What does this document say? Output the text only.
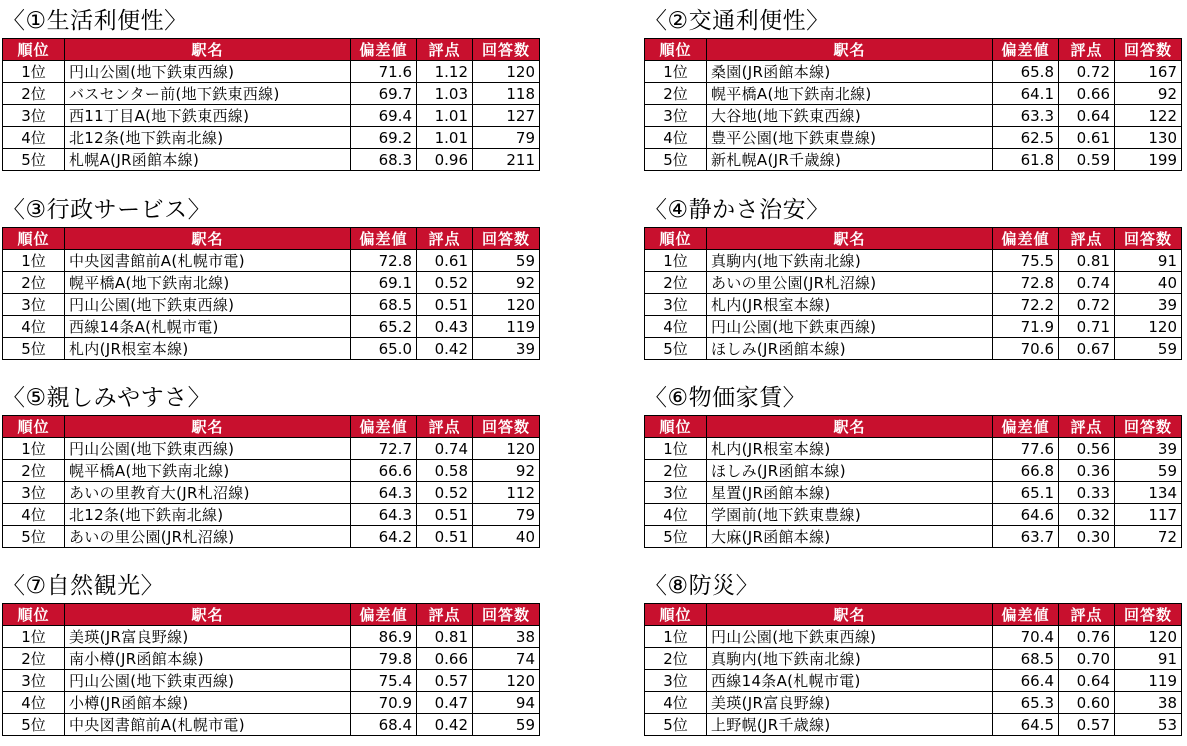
〈①生活利便性〉
順位	駅名	偏差値	評点	回答数
1位	円山公園(地下鉄東西線)	71.6	1.12	120
2位	バスセンター前(地下鉄東西線)	69.7	1.03	118
3位	西11丁目A(地下鉄東西線)	69.4	1.01	127
4位	北12条(地下鉄南北線)	69.2	1.01	79
5位	札幌A(JR函館本線)	68.3	0.96	211
〈②交通利便性〉
順位	駅名	偏差値	評点	回答数
1位	桑園(JR函館本線)	65.8	0.72	167
2位	幌平橋A(地下鉄南北線)	64.1	0.66	92
3位	大谷地(地下鉄東西線)	63.3	0.64	122
4位	豊平公園(地下鉄東豊線)	62.5	0.61	130
5位	新札幌A(JR千歳線)	61.8	0.59	199
〈③行政サービス〉
順位	駅名	偏差値	評点	回答数
1位	中央図書館前A(札幌市電)	72.8	0.61	59
2位	幌平橋A(地下鉄南北線)	69.1	0.52	92
3位	円山公園(地下鉄東西線)	68.5	0.51	120
4位	西線14条A(札幌市電)	65.2	0.43	119
5位	札内(JR根室本線)	65.0	0.42	39
〈④静かさ治安〉
順位	駅名	偏差値	評点	回答数
1位	真駒内(地下鉄南北線)	75.5	0.81	91
2位	あいの里公園(JR札沼線)	72.8	0.74	40
3位	札内(JR根室本線)	72.2	0.72	39
4位	円山公園(地下鉄東西線)	71.9	0.71	120
5位	ほしみ(JR函館本線)	70.6	0.67	59
〈⑤親しみやすさ〉
順位	駅名	偏差値	評点	回答数
1位	円山公園(地下鉄東西線)	72.7	0.74	120
2位	幌平橋A(地下鉄南北線)	66.6	0.58	92
3位	あいの里教育大(JR札沼線)	64.3	0.52	112
4位	北12条(地下鉄南北線)	64.3	0.51	79
5位	あいの里公園(JR札沼線)	64.2	0.51	40
〈⑥物価家賃〉
順位	駅名	偏差値	評点	回答数
1位	札内(JR根室本線)	77.6	0.56	39
2位	ほしみ(JR函館本線)	66.8	0.36	59
3位	星置(JR函館本線)	65.1	0.33	134
4位	学園前(地下鉄東豊線)	64.6	0.32	117
5位	大麻(JR函館本線)	63.7	0.30	72
〈⑦自然観光〉
順位	駅名	偏差値	評点	回答数
1位	美瑛(JR富良野線)	86.9	0.81	38
2位	南小樽(JR函館本線)	79.8	0.66	74
3位	円山公園(地下鉄東西線)	75.4	0.57	120
4位	小樽(JR函館本線)	70.9	0.47	94
5位	中央図書館前A(札幌市電)	68.4	0.42	59
〈⑧防災〉
順位	駅名	偏差値	評点	回答数
1位	円山公園(地下鉄東西線)	70.4	0.76	120
2位	真駒内(地下鉄南北線)	68.5	0.70	91
3位	西線14条A(札幌市電)	66.4	0.64	119
4位	美瑛(JR富良野線)	65.3	0.60	38
5位	上野幌(JR千歳線)	64.5	0.57	53
